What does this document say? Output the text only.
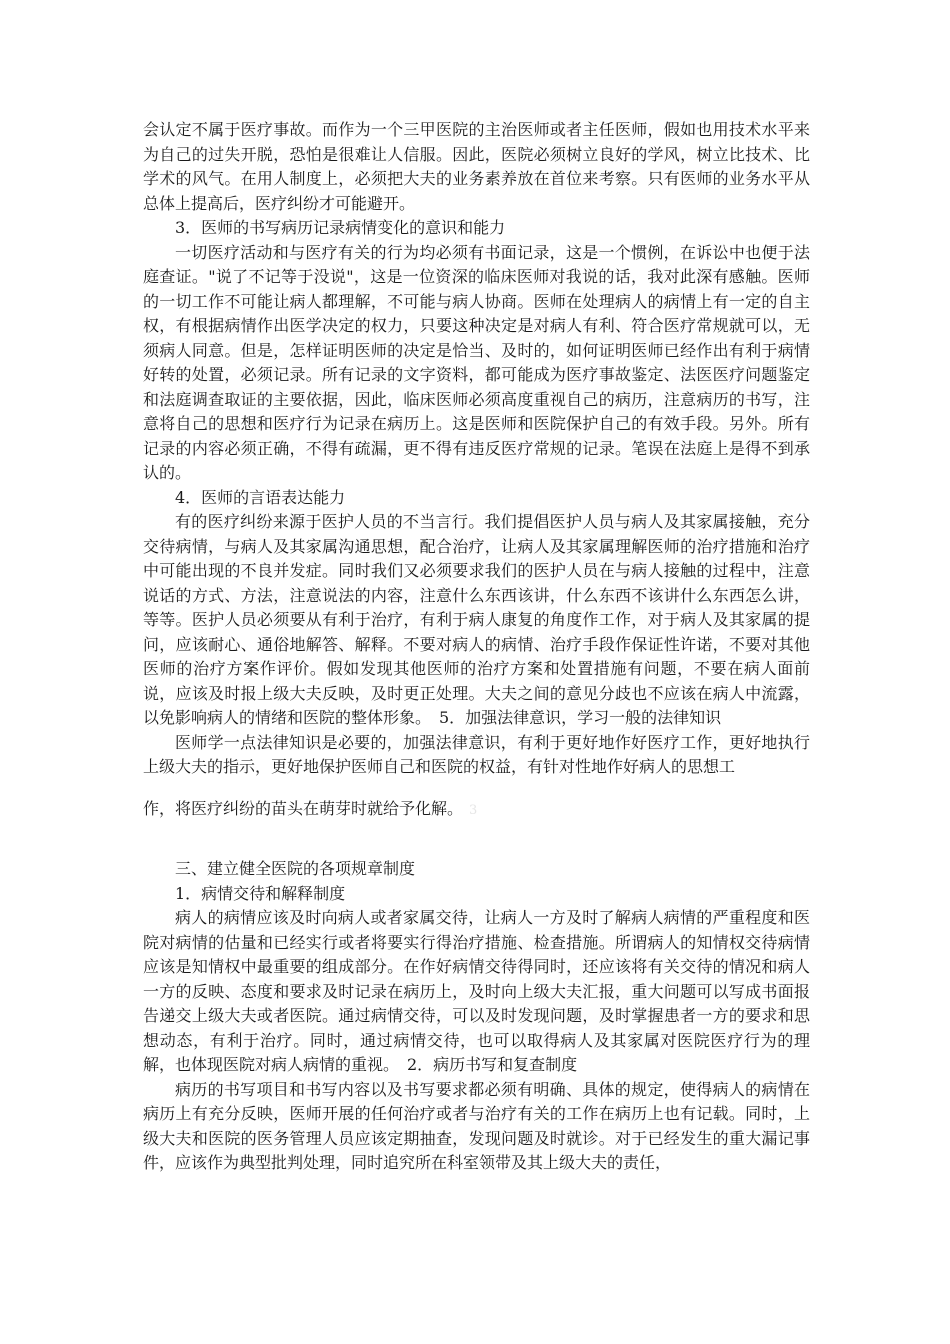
会认定不属于医疗事故。而作为一个三甲医院的主治医师或者主任医师，假如也用技术水平来为自己的过失开脱，恐怕是很难让人信服。因此，医院必须树立良好的学风，树立比技术、比学术的风气。在用人制度上，必须把大夫的业务素养放在首位来考察。只有医师的业务水平从总体上提高后，医疗纠纷才可能避开。

3．医师的书写病历记录病情变化的意识和能力

一切医疗活动和与医疗有关的行为均必须有书面记录，这是一个惯例，在诉讼中也便于法庭查证。"说了不记等于没说"，这是一位资深的临床医师对我说的话，我对此深有感触。医师的一切工作不可能让病人都理解，不可能与病人协商。医师在处理病人的病情上有一定的自主权，有根据病情作出医学决定的权力，只要这种决定是对病人有利、符合医疗常规就可以，无须病人同意。但是，怎样证明医师的决定是恰当、及时的，如何证明医师已经作出有利于病情好转的处置，必须记录。所有记录的文字资料，都可能成为医疗事故鉴定、法医医疗问题鉴定和法庭调查取证的主要依据，因此，临床医师必须高度重视自己的病历，注意病历的书写，注意将自己的思想和医疗行为记录在病历上。这是医师和医院保护自己的有效手段。另外。所有记录的内容必须正确，不得有疏漏，更不得有违反医疗常规的记录。笔误在法庭上是得不到承认的。

4．医师的言语表达能力

有的医疗纠纷来源于医护人员的不当言行。我们提倡医护人员与病人及其家属接触，充分交待病情，与病人及其家属沟通思想，配合治疗，让病人及其家属理解医师的治疗措施和治疗中可能出现的不良并发症。同时我们又必须要求我们的医护人员在与病人接触的过程中，注意说话的方式、方法，注意说法的内容，注意什么东西该讲，什么东西不该讲什么东西怎么讲，等等。医护人员必须要从有利于治疗，有利于病人康复的角度作工作，对于病人及其家属的提问，应该耐心、通俗地解答、解释。不要对病人的病情、治疗手段作保证性许诺，不要对其他医师的治疗方案作评价。假如发现其他医师的治疗方案和处置措施有问题，不要在病人面前说，应该及时报上级大夫反映，及时更正处理。大夫之间的意见分歧也不应该在病人中流露，以免影响病人的情绪和医院的整体形象。　5．加强法律意识，学习一般的法律知识

医师学一点法律知识是必要的，加强法律意识，有利于更好地作好医疗工作，更好地执行上级大夫的指示，更好地保护医师自己和医院的权益，有针对性地作好病人的思想工

作，将医疗纠纷的苗头在萌芽时就给予化解。 3

三、建立健全医院的各项规章制度

1．病情交待和解释制度

病人的病情应该及时向病人或者家属交待，让病人一方及时了解病人病情的严重程度和医院对病情的估量和已经实行或者将要实行得治疗措施、检查措施。所谓病人的知情权交待病情应该是知情权中最重要的组成部分。在作好病情交待得同时，还应该将有关交待的情况和病人一方的反映、态度和要求及时记录在病历上，及时向上级大夫汇报，重大问题可以写成书面报告递交上级大夫或者医院。通过病情交待，可以及时发现问题，及时掌握患者一方的要求和思想动态，有利于治疗。同时，通过病情交待，也可以取得病人及其家属对医院医疗行为的理解，也体现医院对病人病情的重视。　2．病历书写和复查制度

病历的书写项目和书写内容以及书写要求都必须有明确、具体的规定，使得病人的病情在病历上有充分反映，医师开展的任何治疗或者与治疗有关的工作在病历上也有记载。同时，上级大夫和医院的医务管理人员应该定期抽查，发现问题及时就诊。对于已经发生的重大漏记事件，应该作为典型批判处理，同时追究所在科室领带及其上级大夫的责任，
